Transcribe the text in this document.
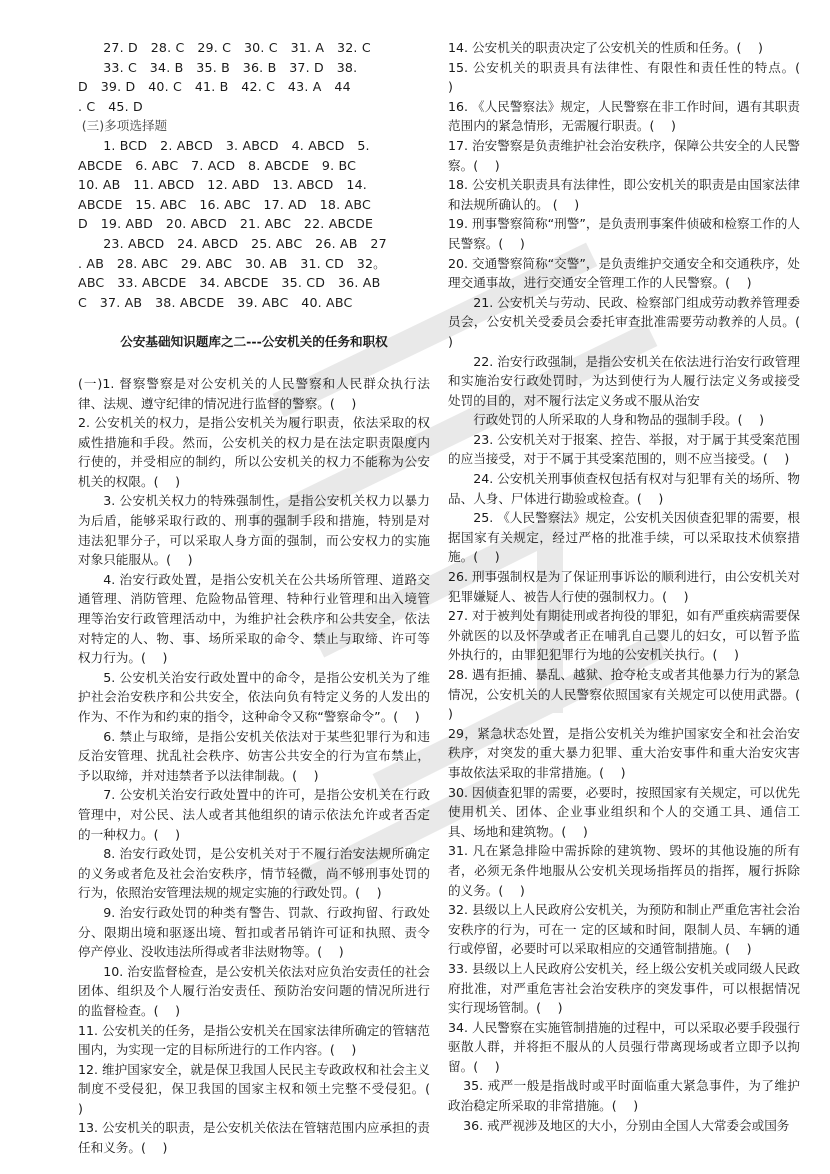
27. D　28. C　29. C　30. C　31. A　32. C

33. C　34. B　35. B　36. B　37. D　38.

D　39. D　40. C　41. B　42. C　43. A　44

. C　45. D

(三)多项选择题

1. BCD　2. ABCD　3. ABCD　4. ABCD　5.

ABCDE　6. ABC　7. ACD　8. ABCDE　9. BC

10. AB　11. ABCD　12. ABD　13. ABCD　14.

ABCDE　15. ABC　16. ABC　17. AD　18. ABC

D　19. ABD　20. ABCD　21. ABC　22. ABCDE

23. ABCD　24. ABCD　25. ABC　26. AB　27

. AB　28. ABC　29. ABC　30. AB　31. CD　32。

ABC　33. ABCDE　34. ABCDE　35. CD　36. AB

C　37. AB　38. ABCDE　39. ABC　40. ABC

公安基础知识题库之二---公安机关的任务和职权

(一)1. 督察警察是对公安机关的人民警察和人民群众执行法律、法规、遵守纪律的情况进行监督的警察。(　 )

2. 公安机关的权力，是指公安机关为履行职责，依法采取的权威性措施和手段。然而，公安机关的权力是在法定职责限度内行使的，并受相应的制约，所以公安机关的权力不能称为公安机关的权限。(　 )

3. 公安机关权力的特殊强制性，是指公安机关权力以暴力为后盾，能够采取行政的、刑事的强制手段和措施，特别是对违法犯罪分子，可以采取人身方面的强制，而公安权力的实施对象只能服从。(　 )

4. 治安行政处置，是指公安机关在公共场所管理、道路交通管理、消防管理、危险物品管理、特种行业管理和出入境管理等治安行政管理活动中，为维护社会秩序和公共安全，依法对特定的人、物、事、场所采取的命令、禁止与取缔、许可等权力行为。(　 )

5. 公安机关治安行政处置中的命令，是指公安机关为了维护社会治安秩序和公共安全，依法向负有特定义务的人发出的作为、不作为和约束的指令，这种命令又称“警察命令”。(　 )

6. 禁止与取缔，是指公安机关依法对于某些犯罪行为和违反治安管理、扰乱社会秩序、妨害公共安全的行为宣布禁止，予以取缔，并对违禁者予以法律制裁。(　 )

7. 公安机关治安行政处置中的许可，是指公安机关在行政管理中，对公民、法人或者其他组织的请示依法允许或者否定的一种权力。(　 )

8. 治安行政处罚，是公安机关对于不履行治安法规所确定的义务或者危及社会治安秩序，情节轻微，尚不够刑事处罚的行为，依照治安管理法规的规定实施的行政处罚。(　 )

9. 治安行政处罚的种类有警告、罚款、行政拘留、行政处分、限期出境和驱逐出境、暂扣或者吊销许可证和执照、责令停产停业、没收违法所得或者非法财物等。(　 )

10. 治安监督检查，是公安机关依法对应负治安责任的社会团体、组织及个人履行治安责任、预防治安问题的情况所进行的监督检查。(　 )

11. 公安机关的任务，是指公安机关在国家法律所确定的管辖范围内，为实现一定的目标所进行的工作内容。(　 )

12. 维护国家安全，就是保卫我国人民民主专政政权和社会主义制度不受侵犯，保卫我国的国家主权和领土完整不受侵犯。(　 )

13. 公安机关的职责，是公安机关依法在管辖范围内应承担的责任和义务。(　 )

14. 公安机关的职责决定了公安机关的性质和任务。(　 )

15. 公安机关的职责具有法律性、有限性和责任性的特点。(　 )

16. 《人民警察法》规定，人民警察在非工作时间，遇有其职责范围内的紧急情形，无需履行职责。(　 )

17. 治安警察是负责维护社会治安秩序，保障公共安全的人民警察。(　 )

18. 公安机关职责具有法律性，即公安机关的职责是由国家法律和法规所确认的。 (　 )

19. 刑事警察简称“刑警”，是负责刑事案件侦破和检察工作的人民警察。(　 )

20. 交通警察简称“交警”，是负责维护交通安全和交通秩序，处理交通事故，进行交通安全管理工作的人民警察。(　 )

21. 公安机关与劳动、民政、检察部门组成劳动教养管理委员会，公安机关受委员会委托审查批准需要劳动教养的人员。(　 )

22. 治安行政强制，是指公安机关在依法进行治安行政管理和实施治安行政处罚时，为达到使行为人履行法定义务或接受处罚的目的，对不履行法定义务或不服从治安

行政处罚的人所采取的人身和物品的强制手段。(　 )

23. 公安机关对于报案、控告、举报，对于属于其受案范围的应当接受，对于不属于其受案范围的，则不应当接受。(　 )

24. 公安机关刑事侦查权包括有权对与犯罪有关的场所、物品、人身、尸体进行勘验或检查。(　 )

25. 《人民警察法》规定，公安机关因侦查犯罪的需要，根据国家有关规定，经过严格的批准手续，可以采取技术侦察措施。(　 )

26. 刑事强制权是为了保证刑事诉讼的顺利进行，由公安机关对犯罪嫌疑人、被告人行使的强制权力。(　 )

27. 对于被判处有期徒刑或者拘役的罪犯，如有严重疾病需要保外就医的以及怀孕或者正在哺乳自己婴儿的妇女，可以暂予监外执行的，由罪犯犯罪行为地的公安机关执行。(　 )

28. 遇有拒捕、暴乱、越狱、抢夺枪支或者其他暴力行为的紧急情况，公安机关的人民警察依照国家有关规定可以使用武器。(　 )

29，紧急状态处置，是指公安机关为维护国家安全和社会治安秩序，对突发的重大暴力犯罪、重大治安事件和重大治安灾害事故依法采取的非常措施。(　 )

30. 因侦查犯罪的需要，必要时，按照国家有关规定，可以优先使用机关、团体、企业事业组织和个人的交通工具、通信工具、场地和建筑物。(　 )

31. 凡在紧急排险中需拆除的建筑物、毁坏的其他设施的所有者，必须无条件地服从公安机关现场指挥员的指挥，履行拆除的义务。(　 )

32. 县级以上人民政府公安机关，为预防和制止严重危害社会治安秩序的行为，可在一 定的区域和时间，限制人员、车辆的通行或停留，必要时可以采取相应的交通管制措施。(　 )

33. 县级以上人民政府公安机关，经上级公安机关或同级人民政府批准，对严重危害社会治安秩序的突发事件，可以根据情况实行现场管制。(　 )

34. 人民警察在实施管制措施的过程中，可以采取必要手段强行驱散人群，并将拒不服从的人员强行带离现场或者立即予以拘留。(　 )

35. 戒严一般是指战时或平时面临重大紧急事件，为了维护政治稳定所采取的非常措施。(　 )

36. 戒严视涉及地区的大小，分别由全国人大常委会或国务
